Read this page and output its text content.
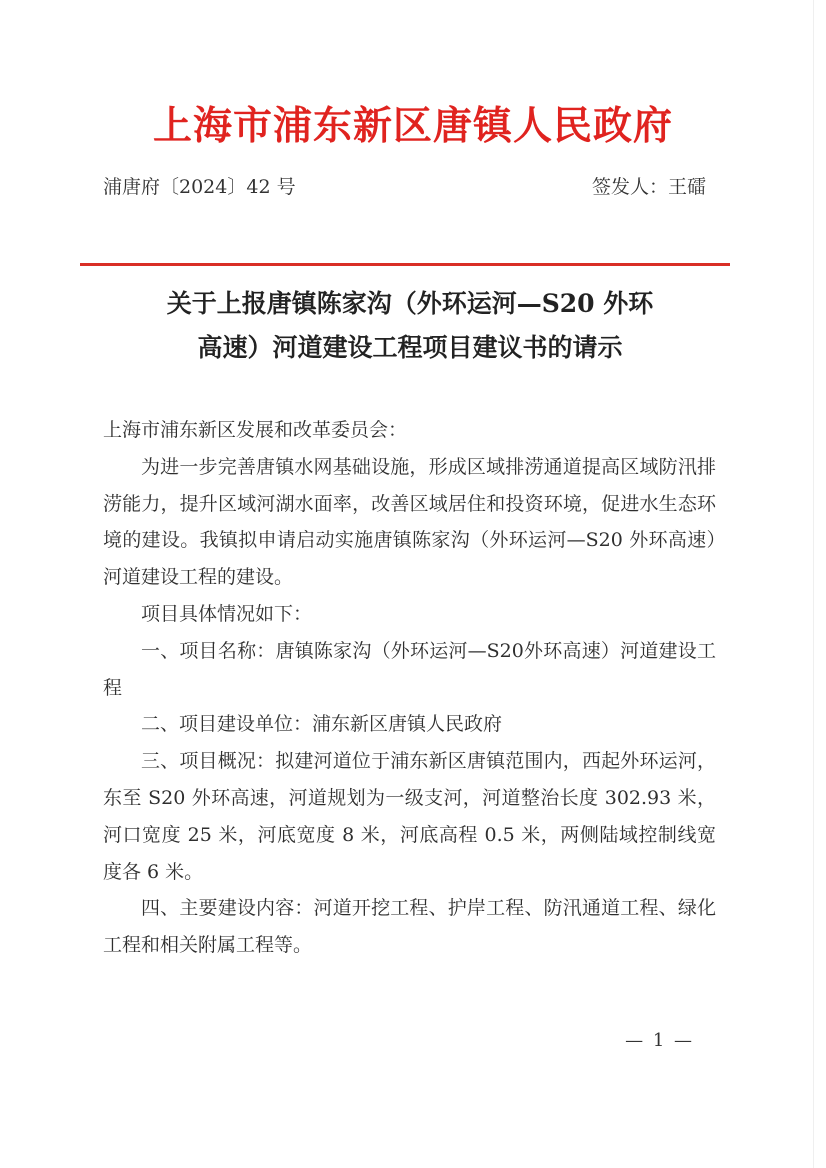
上海市浦东新区唐镇人民政府
浦唐府〔2024〕42 号	签发人：王礌
关于上报唐镇陈家沟（外环运河—S20 外环
高速）河道建设工程项目建议书的请示

上海市浦东新区发展和改革委员会：

为进一步完善唐镇水网基础设施，形成区域排涝通道提高区域防汛排涝能力，提升区域河湖水面率，改善区域居住和投资环境，促进水生态环境的建设。我镇拟申请启动实施唐镇陈家沟（外环运河—S20 外环高速）河道建设工程的建设。

项目具体情况如下：

一、项目名称：唐镇陈家沟（外环运河—S20外环高速）河道建设工程

二、项目建设单位：浦东新区唐镇人民政府

三、项目概况：拟建河道位于浦东新区唐镇范围内，西起外环运河，东至 S20 外环高速，河道规划为一级支河，河道整治长度 302.93 米，河口宽度 25 米，河底宽度 8 米，河底高程 0.5 米，两侧陆域控制线宽度各 6 米。

四、主要建设内容：河道开挖工程、护岸工程、防汛通道工程、绿化工程和相关附属工程等。

— 1 —
